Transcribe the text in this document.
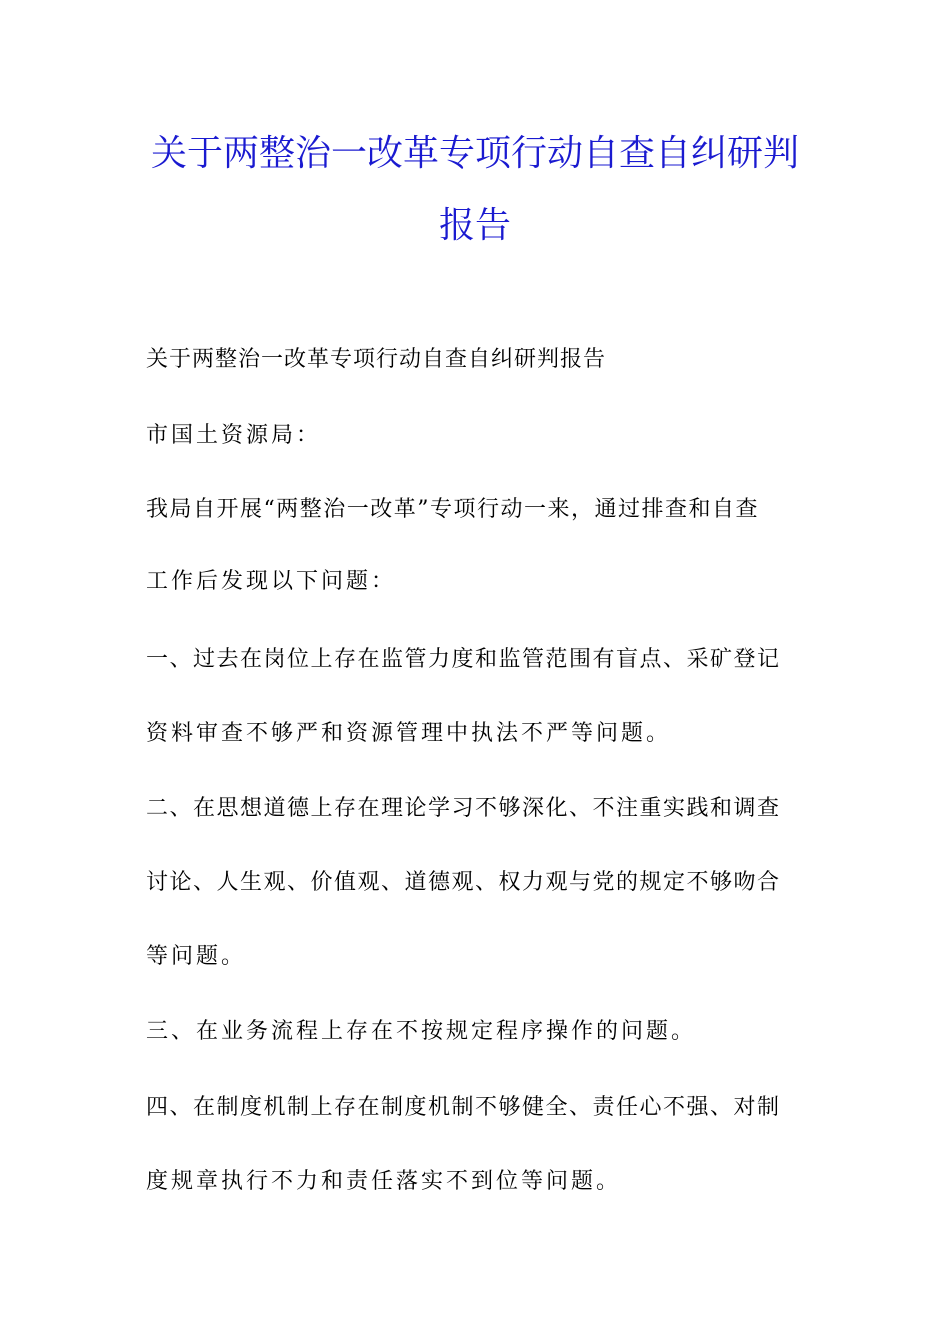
关于两整治一改革专项行动自查自纠研判
报告

关于两整治一改革专项行动自查自纠研判报告

市国土资源局：

我局自开展“两整治一改革”专项行动一来，通过排查和自查

工作后发现以下问题：

一、过去在岗位上存在监管力度和监管范围有盲点、采矿登记

资料审查不够严和资源管理中执法不严等问题。

二、在思想道德上存在理论学习不够深化、不注重实践和调查

讨论、人生观、价值观、道德观、权力观与党的规定不够吻合

等问题。

三、在业务流程上存在不按规定程序操作的问题。

四、在制度机制上存在制度机制不够健全、责任心不强、对制

度规章执行不力和责任落实不到位等问题。
